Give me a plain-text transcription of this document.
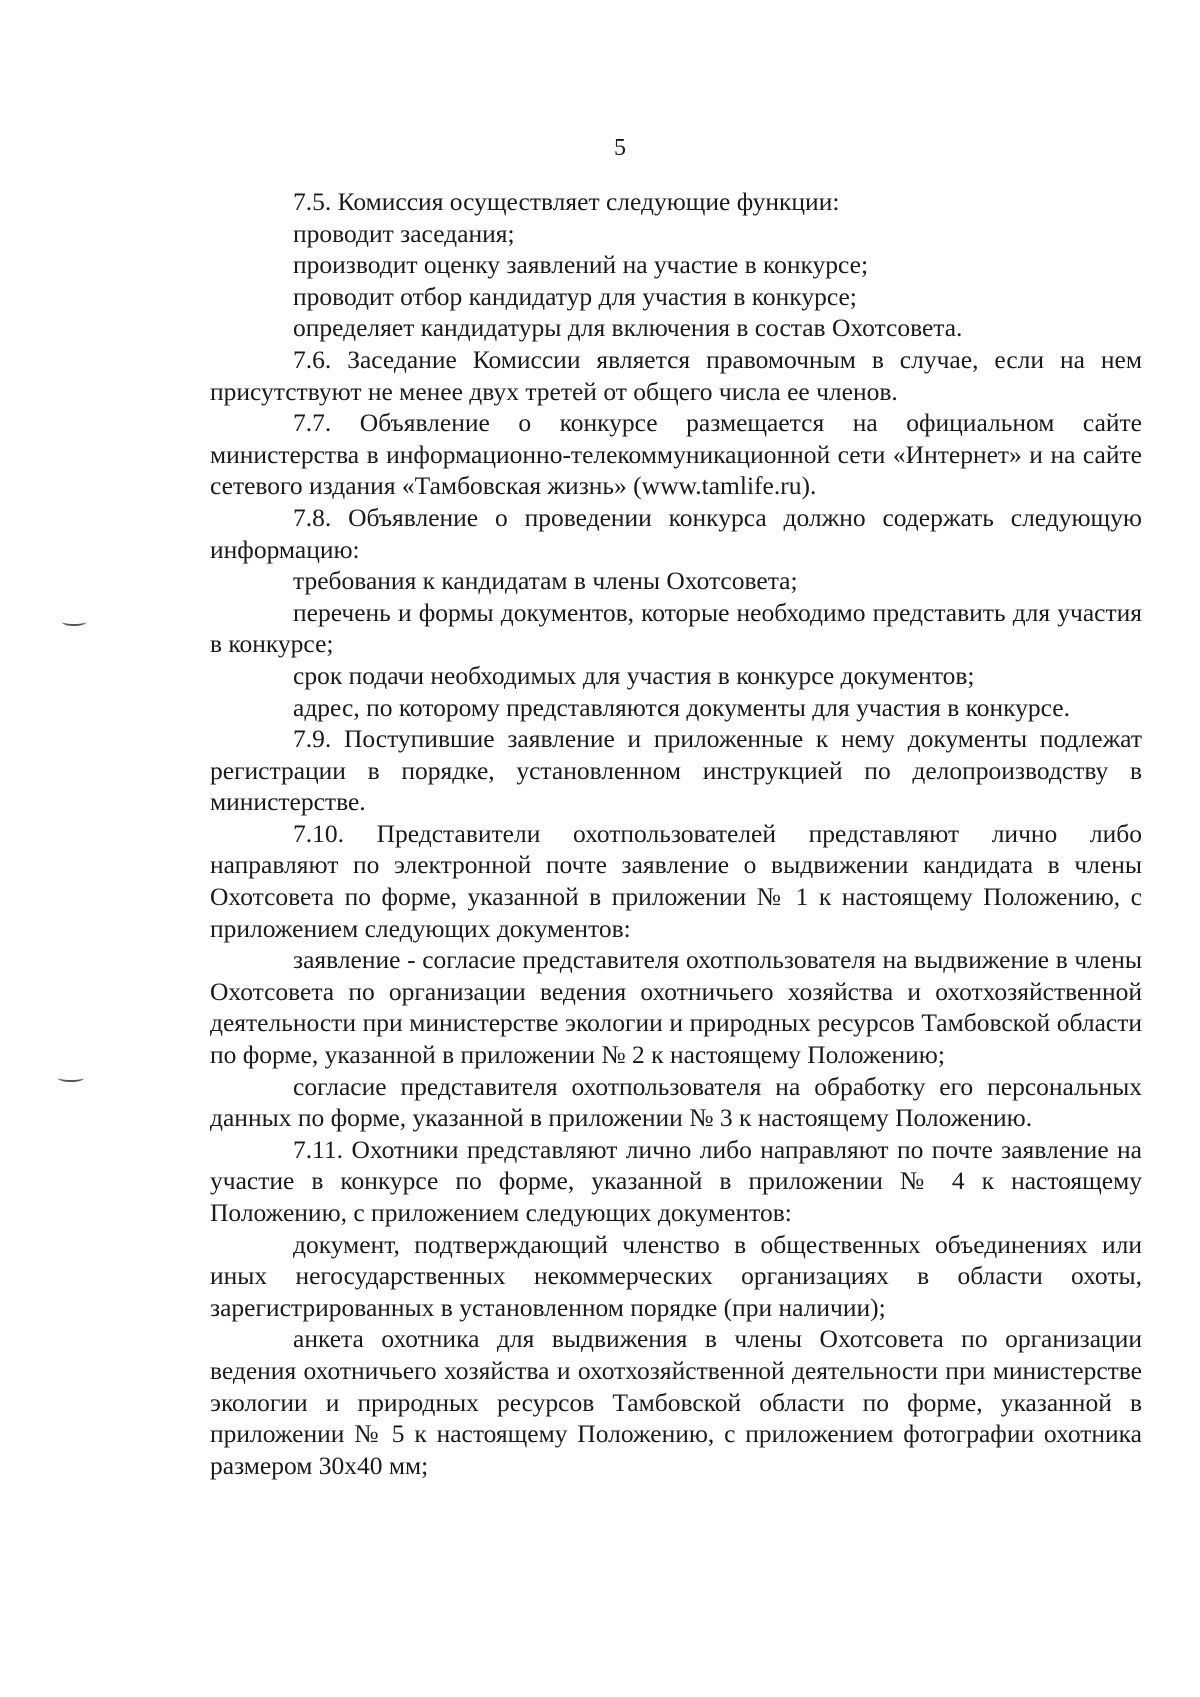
5

7.5. Комиссия осуществляет следующие функции:

проводит заседания;

производит оценку заявлений на участие в конкурсе;

проводит отбор кандидатур для участия в конкурсе;

определяет кандидатуры для включения в состав Охотсовета.

7.6. Заседание Комиссии является правомочным в случае, если на нем присутствуют не менее двух третей от общего числа ее членов.

7.7. Объявление о конкурсе размещается на официальном сайте министерства в информационно-телекоммуникационной сети «Интернет» и на сайте сетевого издания «Тамбовская жизнь» (www.tamlife.ru).

7.8. Объявление о проведении конкурса должно содержать следующую информацию:

требования к кандидатам в члены Охотсовета;

перечень и формы документов, которые необходимо представить для участия в конкурсе;

срок подачи необходимых для участия в конкурсе документов;

адрес, по которому представляются документы для участия в конкурсе.

7.9. Поступившие заявление и приложенные к нему документы подлежат регистрации в порядке, установленном инструкцией по делопроизводству в министерстве.

7.10. Представители охотпользователей представляют лично либо направляют по электронной почте заявление о выдвижении кандидата в члены Охотсовета по форме, указанной в приложении № 1 к настоящему Положению, с приложением следующих документов:

заявление - согласие представителя охотпользователя на выдвижение в члены Охотсовета по организации ведения охотничьего хозяйства и охотхозяйственной деятельности при министерстве экологии и природных ресурсов Тамбовской области по форме, указанной в приложении № 2 к настоящему Положению;

согласие представителя охотпользователя на обработку его персональных данных по форме, указанной в приложении № 3 к настоящему Положению.

7.11. Охотники представляют лично либо направляют по почте заявление на участие в конкурсе по форме, указанной в приложении № 4 к настоящему Положению, с приложением следующих документов:

документ, подтверждающий членство в общественных объединениях или иных негосударственных некоммерческих организациях в области охоты, зарегистрированных в установленном порядке (при наличии);

анкета охотника для выдвижения в члены Охотсовета по организации ведения охотничьего хозяйства и охотхозяйственной деятельности при министерстве экологии и природных ресурсов Тамбовской области по форме, указанной в приложении № 5 к настоящему Положению, с приложением фотографии охотника размером 30х40 мм;
